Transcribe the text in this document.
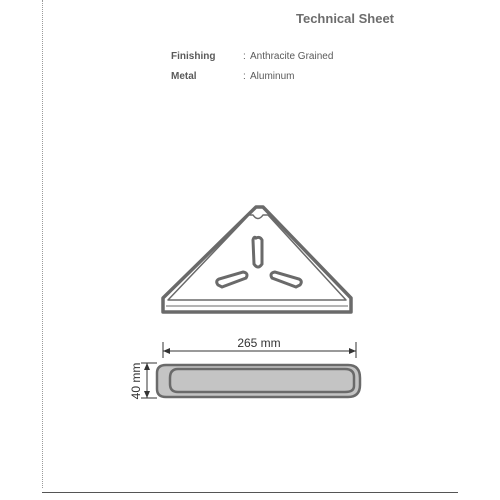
Technical Sheet
Finishing	: Anthracite Grained
Metal	: Aluminum
265 mm
40 mm
